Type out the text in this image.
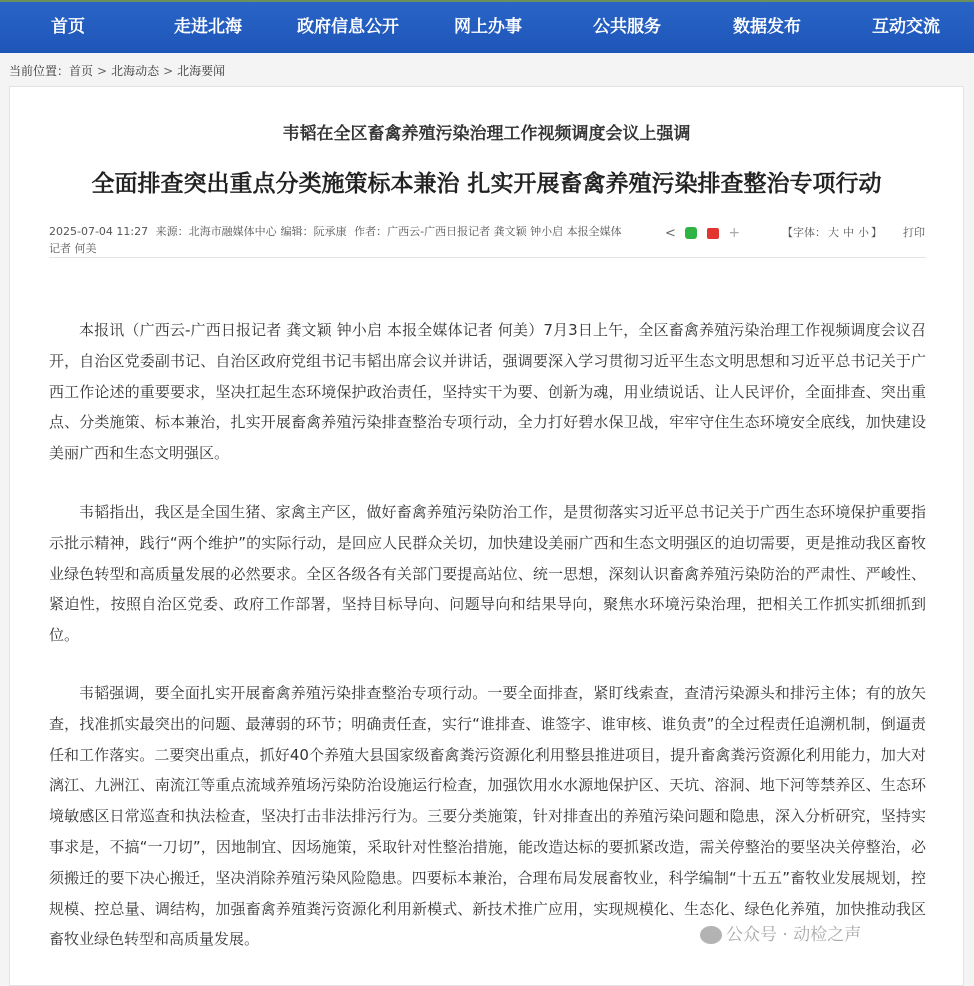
首页	走进北海	政府信息公开	网上办事	公共服务	数据发布	互动交流
当前位置：首页 > 北海动态 > 北海要闻
韦韬在全区畜禽养殖污染治理工作视频调度会议上强调
全面排查突出重点分类施策标本兼治 扎实开展畜禽养殖污染排查整治专项行动
2025-07-04 11:27 来源：北海市融媒体中心 编辑：阮承康 作者：广西云-广西日报记者 龚文颖 钟小启 本报全媒体记者 何美
<	+	【字体： 大 中 小 】 打印

本报讯（广西云-广西日报记者 龚文颖 钟小启 本报全媒体记者 何美）7月3日上午，全区畜禽养殖污染治理工作视频调度会议召开，自治区党委副书记、自治区政府党组书记韦韬出席会议并讲话，强调要深入学习贯彻习近平生态文明思想和习近平总书记关于广西工作论述的重要要求，坚决扛起生态环境保护政治责任，坚持实干为要、创新为魂，用业绩说话、让人民评价，全面排查、突出重点、分类施策、标本兼治，扎实开展畜禽养殖污染排查整治专项行动，全力打好碧水保卫战，牢牢守住生态环境安全底线，加快建设美丽广西和生态文明强区。

韦韬指出，我区是全国生猪、家禽主产区，做好畜禽养殖污染防治工作，是贯彻落实习近平总书记关于广西生态环境保护重要指示批示精神，践行“两个维护”的实际行动，是回应人民群众关切，加快建设美丽广西和生态文明强区的迫切需要，更是推动我区畜牧业绿色转型和高质量发展的必然要求。全区各级各有关部门要提高站位、统一思想，深刻认识畜禽养殖污染防治的严肃性、严峻性、紧迫性，按照自治区党委、政府工作部署，坚持目标导向、问题导向和结果导向，聚焦水环境污染治理，把相关工作抓实抓细抓到位。

韦韬强调，要全面扎实开展畜禽养殖污染排查整治专项行动。一要全面排查，紧盯线索查，查清污染源头和排污主体；有的放矢查，找准抓实最突出的问题、最薄弱的环节；明确责任查，实行“谁排查、谁签字、谁审核、谁负责”的全过程责任追溯机制，倒逼责任和工作落实。二要突出重点，抓好40个养殖大县国家级畜禽粪污资源化利用整县推进项目，提升畜禽粪污资源化利用能力，加大对漓江、九洲江、南流江等重点流域养殖场污染防治设施运行检查，加强饮用水水源地保护区、天坑、溶洞、地下河等禁养区、生态环境敏感区日常巡查和执法检查，坚决打击非法排污行为。三要分类施策，针对排查出的养殖污染问题和隐患，深入分析研究，坚持实事求是，不搞“一刀切”，因地制宜、因场施策，采取针对性整治措施，能改造达标的要抓紧改造，需关停整治的要坚决关停整治，必须搬迁的要下决心搬迁，坚决消除养殖污染风险隐患。四要标本兼治，合理布局发展畜牧业，科学编制“十五五”畜牧业发展规划，控规模、控总量、调结构，加强畜禽养殖粪污资源化利用新模式、新技术推广应用，实现规模化、生态化、绿色化养殖，加快推动我区畜牧业绿色转型和高质量发展。	公众号 · 动检之声
